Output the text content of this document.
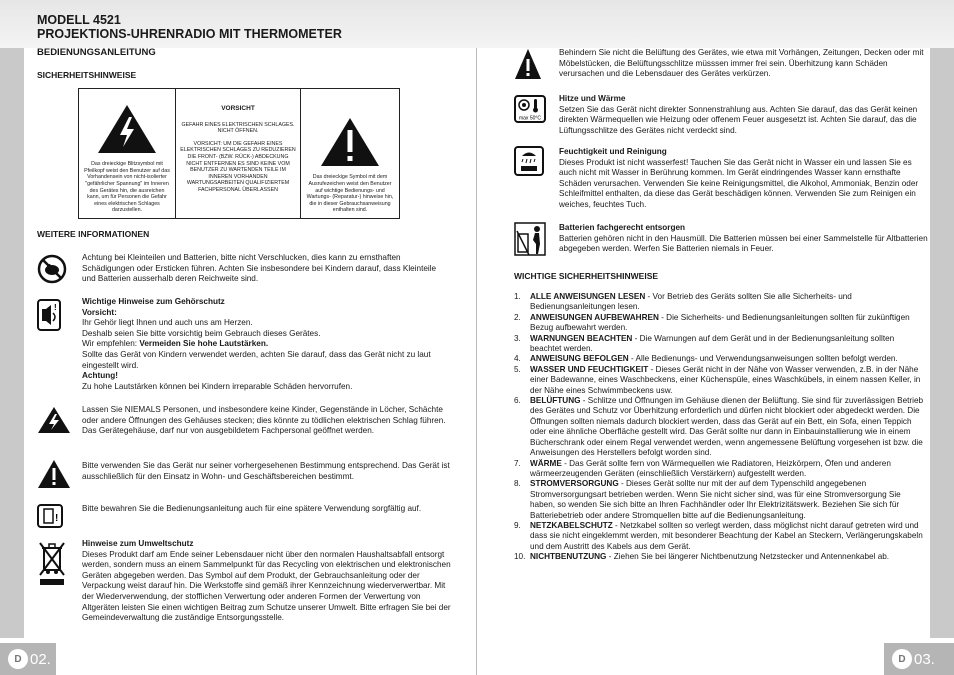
MODELL 4521
PROJEKTIONS-UHRENRADIO MIT THERMOMETER
BEDIENUNGSANLEITUNG
SICHERHEITSHINWEISE
Das dreieckige Blitzsymbol mit Pfeilkopf weist den Benutzer auf das Vorhandensein von nicht-isolierter "gefährlicher Spannung" im Inneren des Gerätes hin, die ausreichen kann, um für Personen die Gefahr eines elektrischen Schlages darzustellen.
VORSICHT
GEFAHR EINES ELEKTRISCHEN SCHLAGES. NICHT ÖFFNEN.
VORSICHT: UM DIE GEFAHR EINES ELEKTRISCHEN SCHLAGES ZU REDUZIEREN DIE FRONT- (BZW. RÜCK-) ABDECKUNG NICHT ENTFERNEN ES SIND KEINE VOM BENUTZER ZU WARTENDEN TEILE IM INNEREN VORHANDEN WARTUNGSARBEITEN QUALIFIZIERTEM FACHPERSONAL ÜBERLASSEN
Das dreieckige Symbol mit dem Ausrufezeichen weist den Benutzer auf wichtige Bedienungs- und Wartungs- (Reparatur-) hinweise hin, die in dieser Gebrauchsanweisung enthalten sind.
WEITERE INFORMATIONEN
Achtung bei Kleinteilen und Batterien, bitte nicht Verschlucken, dies kann zu ernsthaften Schädigungen oder Ersticken führen. Achten Sie insbesondere bei Kindern darauf, dass Kleinteile und Batterien ausserhalb deren Reichweite sind.
!
Wichtige Hinweise zum Gehörschutz
Vorsicht:
Ihr Gehör liegt Ihnen und auch uns am Herzen.
Deshalb seien Sie bitte vorsichtig beim Gebrauch dieses Gerätes.
Wir empfehlen: Vermeiden Sie hohe Lautstärken.
Sollte das Gerät von Kindern verwendet werden, achten Sie darauf, dass das Gerät nicht zu laut eingestellt wird.
Achtung!
Zu hohe Lautstärken können bei Kindern irreparable Schäden hervorrufen.
Lassen Sie NIEMALS Personen, und insbesondere keine Kinder, Gegenstände in Löcher, Schächte oder andere Öffnungen des Gehäuses stecken; dies könnte zu tödlichen elektrischen Schlag führen. Das Gerätegehäuse, darf nur von ausgebildetem Fachpersonal geöffnet werden.
Bitte verwenden Sie das Gerät nur seiner vorhergesehenen Bestimmung entsprechend. Das Gerät ist ausschließlich für den Einsatz in Wohn- und Geschäftsbereichen bestimmt.
!
Bitte bewahren Sie die Bedienungsanleitung auch für eine spätere Verwendung sorgfältig auf.
Hinweise zum Umweltschutz
Dieses Produkt darf am Ende seiner Lebensdauer nicht über den normalen Haushaltsabfall entsorgt werden, sondern muss an einem Sammelpunkt für das Recycling von elektrischen und elektronischen Geräten abgegeben werden. Das Symbol auf dem Produkt, der Gebrauchsanleitung oder der Verpackung weist darauf hin. Die Werkstoffe sind gemäß ihrer Kennzeichnung wiederverwertbar. Mit der Wiederverwendung, der stofflichen Verwertung oder anderen Formen der Verwertung von Altgeräten leisten Sie einen wichtigen Beitrag zum Schutze unserer Umwelt. Bitte erfragen Sie bei der Gemeindeverwaltung die zuständige Entsorgungsstelle.
D 02.
Behindern Sie nicht die Belüftung des Gerätes, wie etwa mit Vorhängen, Zeitungen, Decken oder mit Möbelstücken, die Belüftungsschlitze müsssen immer frei sein. Überhitzung kann Schäden verursachen und die Lebensdauer des Gerätes verkürzen.
max 50°C
Hitze und Wärme
Setzen Sie das Gerät nicht direkter Sonnenstrahlung aus. Achten Sie darauf, das das Gerät keinen direkten Wärmequellen wie Heizung oder offenem Feuer ausgesetzt ist. Achten Sie darauf, das die Lüftungsschlitze des Gerätes nicht verdeckt sind.
Feuchtigkeit und Reinigung
Dieses Produkt ist nicht wasserfest! Tauchen Sie das Gerät nicht in Wasser ein und lassen Sie es auch nicht mit Wasser in Berührung kommen. Im Gerät eindringendes Wasser kann ernsthafte Schäden verursachen. Verwenden Sie keine Reinigungsmittel, die Alkohol, Ammoniak, Benzin oder Schleifmittel enthalten, da diese das Gerät beschädigen können. Verwenden Sie zum Reinigen ein weiches, feuchtes Tuch.
Batterien fachgerecht entsorgen
Batterien gehören nicht in den Hausmüll. Die Batterien müssen bei einer Sammelstelle für Altbatterien abgegeben werden. Werfen Sie Batterien niemals in Feuer.
WICHTIGE SICHERHEITSHINWEISE
1.	ALLE ANWEISUNGEN LESEN - Vor Betrieb des Geräts sollten Sie alle Sicherheits- und Bedienungsanleitungen lesen.
2.	ANWEISUNGEN AUFBEWAHREN - Die Sicherheits- und Bedienungsanleitungen sollten für zukünftigen Bezug aufbewahrt werden.
3.	WARNUNGEN BEACHTEN - Die Warnungen auf dem Gerät und in der Bedienungsanleitung sollten beachtet werden.
4.	ANWEISUNG BEFOLGEN - Alle Bedienungs- und Verwendungsanweisungen sollten befolgt werden.
5.	WASSER UND FEUCHTIGKEIT - Dieses Gerät nicht in der Nähe von Wasser verwenden, z.B. in der Nähe einer Badewanne, eines Waschbeckens, einer Küchenspüle, eines Waschkübels, in einem nassen Keller, in der Nähe eines Schwimmbeckens usw.
6.	BELÜFTUNG - Schlitze und Öffnungen im Gehäuse dienen der Belüftung. Sie sind für zuverlässigen Betrieb des Gerätes und Schutz vor Überhitzung erforderlich und dürfen nicht blockiert oder abgedeckt werden. Die Öffnungen sollten niemals dadurch blockiert werden, dass das Gerät auf ein Bett, ein Sofa, einen Teppich oder eine ähnliche Oberfläche gestellt wird. Das Gerät sollte nur dann in Einbauinstallierung wie in einem Bücherschrank oder einem Regal verwendet werden, wenn angemessene Belüftung vorgesehen ist bzw. die Anweisungen des Herstellers befolgt worden sind.
7.	WÄRME - Das Gerät sollte fern von Wärmequellen wie Radiatoren, Heizkörpern, Öfen und anderen wärmeerzeugenden Geräten (einschließlich Verstärkern) aufgestellt werden.
8.	STROMVERSORGUNG - Dieses Gerät sollte nur mit der auf dem Typenschild angegebenen Stromversorgungsart betrieben werden. Wenn Sie nicht sicher sind, was für eine Stromversorgung Sie haben, so wenden Sie sich bitte an Ihren Fachhändler oder Ihr Elektrizitätswerk. Beziehen Sie sich für Batteriebetrieb oder andere Stromquellen bitte auf die Bedienungsanleitung.
9.	NETZKABELSCHUTZ - Netzkabel sollten so verlegt werden, dass möglichst nicht darauf getreten wird und dass sie nicht eingeklemmt werden, mit besonderer Beachtung der Kabel an Steckern, Verlängerungskabeln und dem Austritt des Kabels aus dem Gerät.
10. NICHTBENUTZUNG - Ziehen Sie bei längerer Nichtbenutzung Netzstecker und Antennenkabel ab.
D 03.
